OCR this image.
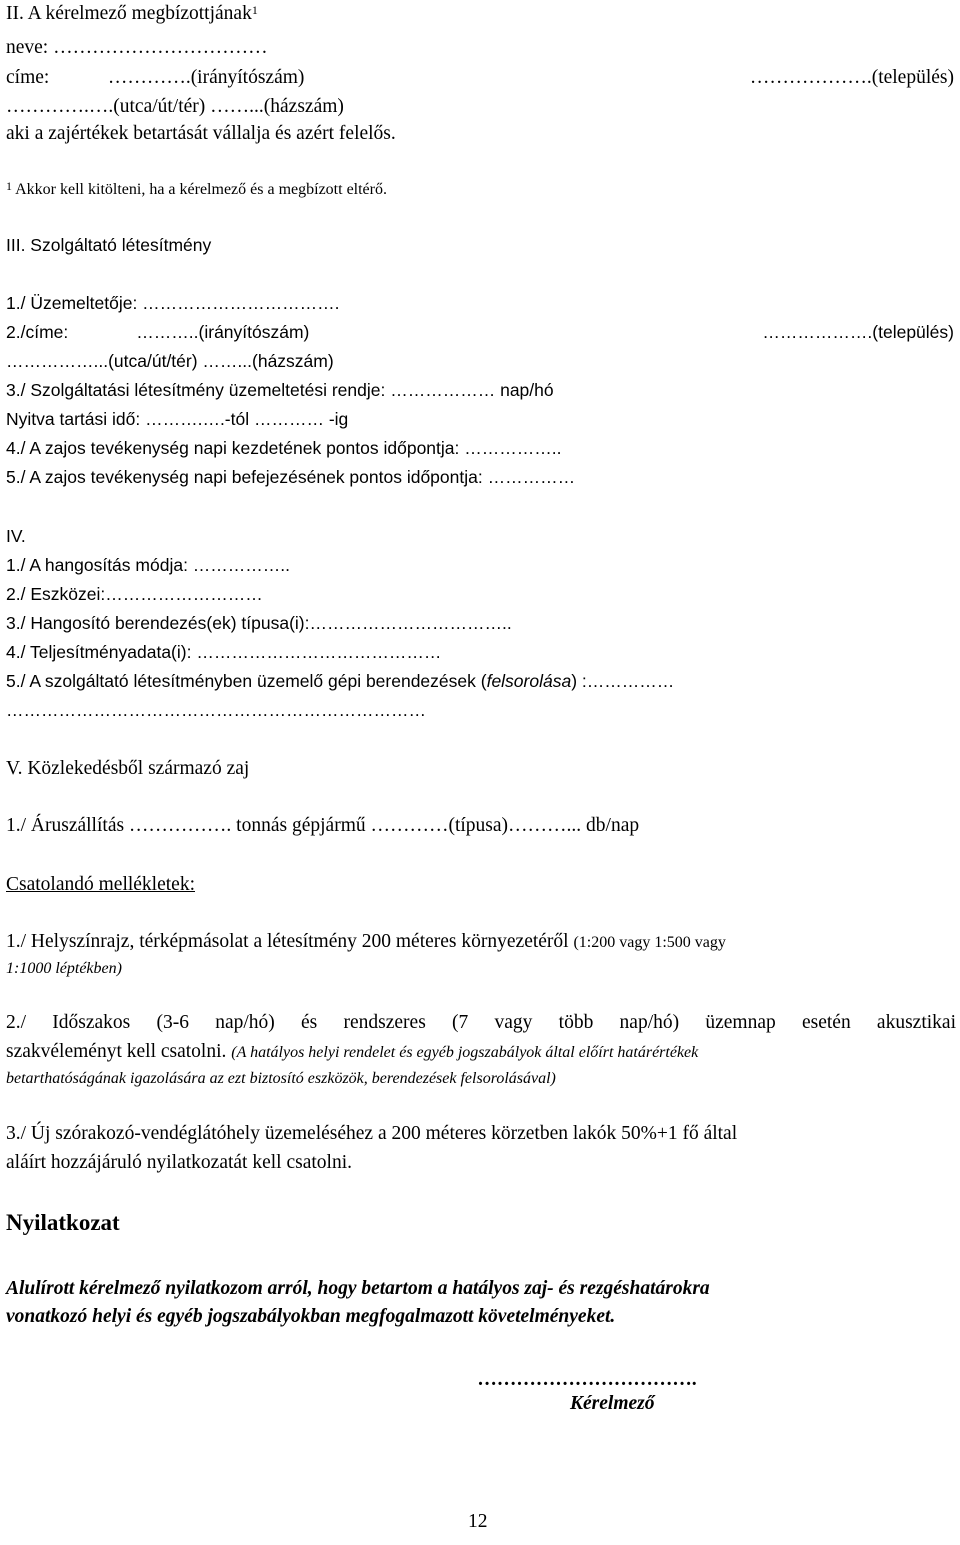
II. A kérelmező megbízottjának$^1$
neve: ……………………………
címe:            ………….(irányítószám)	……………….(település)
………….….(utca/út/tér) ……...(házszám)
aki a zajértékek betartását vállalja és azért felelős.
$^1$ Akkor kell kitölteni, ha a kérelmező és a megbízott eltérő.
III. Szolgáltató létesítmény
1./ Üzemeltetője: …………………………….
2./címe:              ………..(irányítószám)	……………….(település)
……………...(utca/út/tér) ……...(házszám)
3./ Szolgáltatási létesítmény üzemeltetési rendje: ……………… nap/hó
Nyitva tartási idő: ……….….-tól ………… -ig
4./ A zajos tevékenység napi kezdetének pontos időpontja: ……………..
5./ A zajos tevékenység napi befejezésének pontos időpontja: ……………
IV.
1./ A hangosítás módja: ……………..
2./ Eszközei:………………………
3./ Hangosító berendezés(ek) típusa(i):……………………………..
4./ Teljesítményadata(i): ……………………………………
5./ A szolgáltató létesítményben üzemelő gépi berendezések (felsorolása) :……………
………………………………………………………………
V. Közlekedésből származó zaj
1./ Áruszállítás ……………. tonnás gépjármű …………(típusa)………... db/nap
Csatolandó mellékletek:
1./ Helyszínrajz, térképmásolat a létesítmény 200 méteres környezetéről (1:200 vagy 1:500 vagy
1:1000 léptékben)
2./ Időszakos (3-6 nap/hó) és rendszeres (7 vagy több nap/hó) üzemnap esetén akusztikai
szakvéleményt kell csatolni. (A hatályos helyi rendelet és egyéb jogszabályok által előírt határértékek
betarthatóságának igazolására az ezt biztosító eszközök, berendezések felsorolásával)
3./ Új szórakozó-vendéglátóhely üzemeléséhez a 200 méteres körzetben lakók 50%+1 fő által
aláírt hozzájáruló nyilatkozatát kell csatolni.
Nyilatkozat
Alulírott kérelmező nyilatkozom arról, hogy betartom a hatályos zaj- és rezgéshatárokra
vonatkozó helyi és egyéb jogszabályokban megfogalmazott követelményeket.
…………………………….
Kérelmező
12
